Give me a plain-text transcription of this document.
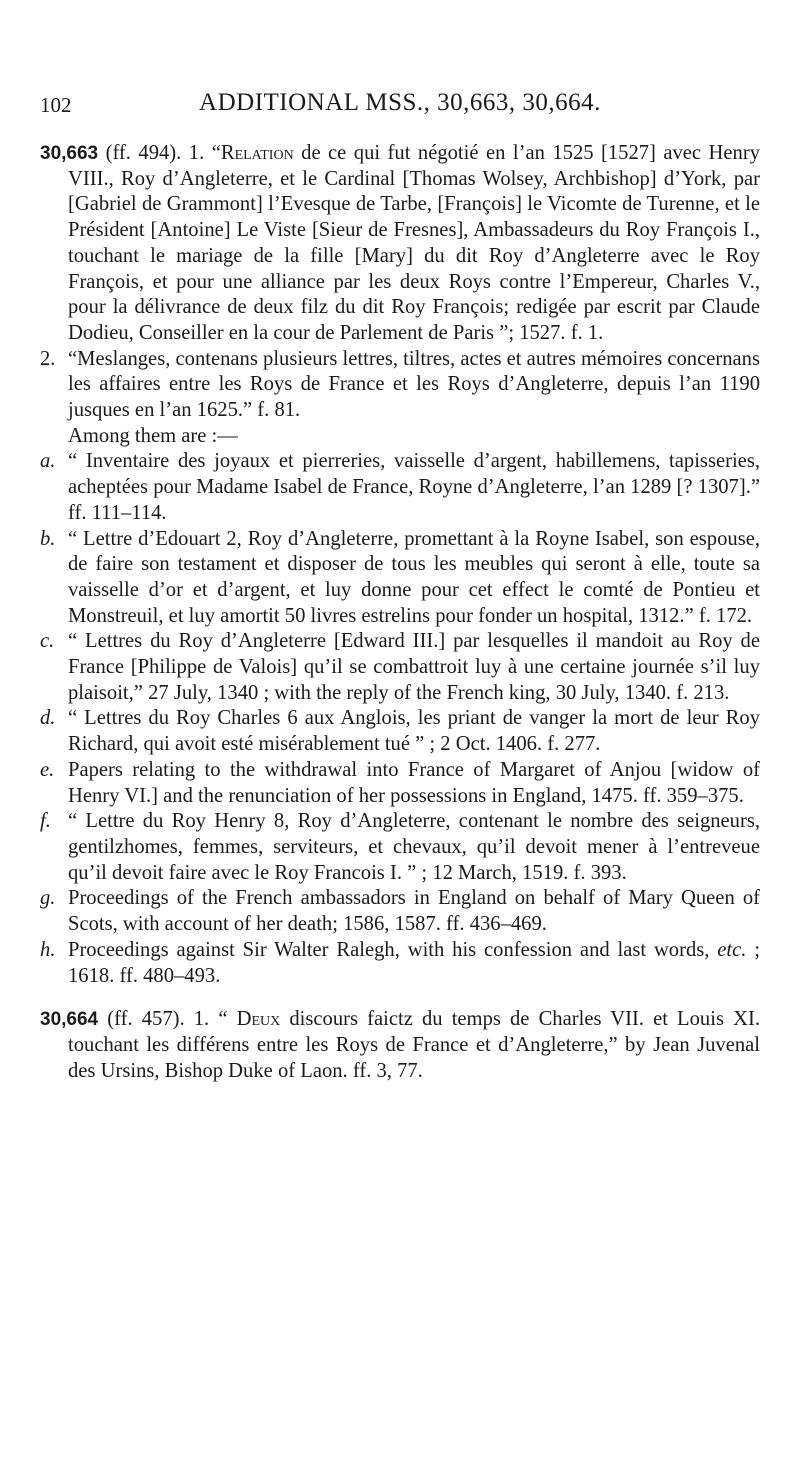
102	ADDITIONAL MSS., 30,663, 30,664.

30,663 (ff. 494). 1. “Relation de ce qui fut négotié en l’an 1525 [1527] avec Henry VIII., Roy d’Angleterre, et le Cardinal [Thomas Wolsey, Archbishop] d’York, par [Gabriel de Grammont] l’Evesque de Tarbe, [François] le Vicomte de Turenne, et le Président [Antoine] Le Viste [Sieur de Fresnes], Ambassadeurs du Roy François I., touchant le mariage de la fille [Mary] du dit Roy d’Angleterre avec le Roy François, et pour une alliance par les deux Roys contre l’Empereur, Charles V., pour la délivrance de deux filz du dit Roy François; redigée par escrit par Claude Dodieu, Conseiller en la cour de Parlement de Paris ”; 1527. f. 1.

2. “Meslanges, contenans plusieurs lettres, tiltres, actes et autres mémoires concernans les affaires entre les Roys de France et les Roys d’Angleterre, depuis l’an 1190 jusques en l’an 1625.” f. 81.

Among them are :—

a. “ Inventaire des joyaux et pierreries, vaisselle d’argent, habillemens, tapisseries, acheptées pour Madame Isabel de France, Royne d’Angleterre, l’an 1289 [? 1307].” ff. 111–114.

b. “ Lettre d’Edouart 2, Roy d’Angleterre, promettant à la Royne Isabel, son espouse, de faire son testament et disposer de tous les meubles qui seront à elle, toute sa vaisselle d’or et d’argent, et luy donne pour cet effect le comté de Pontieu et Monstreuil, et luy amortit 50 livres estrelins pour fonder un hospital, 1312.” f. 172.

c. “ Lettres du Roy d’Angleterre [Edward III.] par lesquelles il mandoit au Roy de France [Philippe de Valois] qu’il se combattroit luy à une certaine journée s’il luy plaisoit,” 27 July, 1340 ; with the reply of the French king, 30 July, 1340. f. 213.

d. “ Lettres du Roy Charles 6 aux Anglois, les priant de vanger la mort de leur Roy Richard, qui avoit esté misérablement tué ” ; 2 Oct. 1406. f. 277.

e. Papers relating to the withdrawal into France of Margaret of Anjou [widow of Henry VI.] and the renunciation of her possessions in England, 1475. ff. 359–375.

f. “ Lettre du Roy Henry 8, Roy d’Angleterre, contenant le nombre des seigneurs, gentilzhomes, femmes, serviteurs, et chevaux, qu’il devoit mener à l’entreveue qu’il devoit faire avec le Roy Francois I. ” ; 12 March, 1519. f. 393.

g. Proceedings of the French ambassadors in England on behalf of Mary Queen of Scots, with account of her death; 1586, 1587. ff. 436–469.

h. Proceedings against Sir Walter Ralegh, with his confession and last words, etc. ; 1618. ff. 480–493.

30,664 (ff. 457). 1. “ Deux discours faictz du temps de Charles VII. et Louis XI. touchant les différens entre les Roys de France et d’Angleterre,” by Jean Juvenal des Ursins, Bishop Duke of Laon. ff. 3, 77.
